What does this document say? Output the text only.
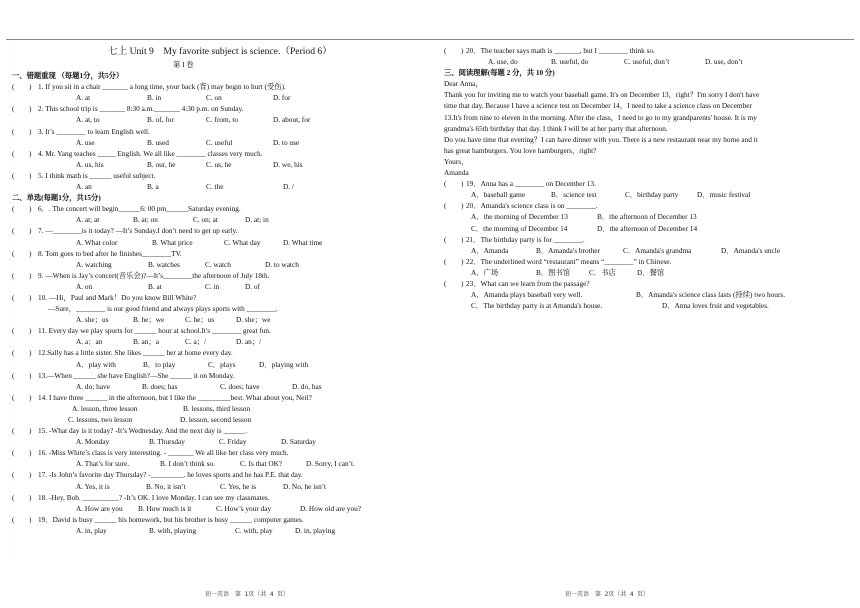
七上 Unit 9　My favorite subject is science.（Period 6）
第 I 卷
一、错题重现 （每题1分，共5分）
(　　) 1. If you sit in a chair _______ a long time, your back (背) may begin to hurt (受伤).
A. at	B. in	C. on	D. for
(　　) 2. This school trip is _______ 8:30 a.m._______ 4:30 p.m. on Sunday.
A. at, to	B. of, for	C. from, to	D. about, for
(　　) 3. It’s ________ to learn English well.
A. use	B. used	C. useful	D. to use
(　　) 4. Mr. Yang teaches _____ English. We all like ________ classes very much.
A. us, his	B. our, he	C. us, he	D. we, his
(　　) 5. I think math is ______ useful subject.
A. an	B. a	C. the	D. /
二、单选(每题1分，共15分)
(　　) 6．. The concert will begin______6: 00 pm______Saturday evening.
A. at; at	B. at; on	C. on; at	D. at; in
(　　) 7. —________is it today? —It’s Sunday.I don’t need to get up early.
A. What color	B. What price	C. What day	D. What time
(　　) 8. Tom goes to bed after he finishes________TV.
A. watching	B. watches	C. watch	D. to watch
(　　) 9. —When is Jay’s concert(音乐会)?—It’s________the afternoon of July 18th.
A. on	B. at	C. in	D. of
(　　) 10. —Hi，Paul and Mark！Do you know Bill White?
—Sure，________ is our good friend and always plays sports with ________.
A. she；us	B. he；we	C. he；us	D. she；we
(　　) 11. Every day we play sports for ______ hour at school.It's ________ great fun.
A. a；an	B. an；a	C. a；/	D. an；/
(　　) 12.Sally has a little sister. She likes ______ her at home every day.
A．play with	B．to play	C．plays	D．playing with
(　　) 13.—When ______ she have English?—She ______ it on Monday.
A. do; have	B. does; has	C. does; have	D. do, has
(　　) 14. I have three ______ in the afternoon, but I like the _________best. What about you, Neil?
A. lesson, three lesson	B. lessons, third lesson
C. lessons, two lesson	D. lesson, second lesson
(　　) 15. -What day is it today? -It’s Wednesday. And the next day is ______.
A. Monday	B. Thursday	C. Friday	D. Saturday
(　　) 16. -Miss White’s class is very interesting. - _______ We all like her class very much.
A. That’s for sure.	B. I don’t think so.	C. Is that OK?	D. Sorry, I can’t.
(　　) 17. -Is John’s favorite day Thursday? -_________. he loves sports and he has P.E. that day.
A. Yes, it is	B. No, it isn’t	C. Yes, he is	D. No, he isn’t
(　　) 18. -Hey, Bob. __________? -It’s OK. I love Monday. I can see my classmates.
A. How are you B. How much is it	C. How’s your day	D. How old are you?
(　　) 19．David is busy ______ his homework, but his brother is busy ______ computer games.
A. in, play	B. with, playing	C. with, play	D. in, playing
(　　) 20．The teacher says math is _______, but I ________ think so.
A. use, do	B. useful, do	C. useful, don’t	D. use, don’t
三、阅读理解(每题 2 分，共 10 分)
Dear Anna，
Thank you for inviting me to watch your baseball game. It's on December 13，right？I'm sorry I don't have
time that day. Because I have a science test on December 14，I need to take a science class on December
13.It's from nine to eleven in the morning. After the class，I need to go to my grandparents' house. It is my
grandma's 65th birthday that day. I think I will be at her party that afternoon.
Do you have time that evening？I can have dinner with you. There is a new restaurant near my home and it
has great hamburgers. You love hamburgers，right?
Yours，
Amanda
(　　) 19．Anna has a ________ on December 13.
A．baseball game	B．science test	C．birthday party	D．music festival
(　　) 20．Amanda's science class is on ________.
A．the morning of December 13	B．the afternoon of December 13
C．the morning of December 14	D．the afternoon of December 14
(　　) 21．The birthday party is for ________.
A．Amanda	B．Amanda's brother	C．Amanda's grandma	D．Amanda's uncle
(　　) 22．The underlined word “restaurant” means “________” in Chinese.
A．广场	B．图书馆	C．书店	D．餐馆
(　　) 23．What can we learn from the passage?
A．Amanda plays baseball very well.	B．Amanda's science class lasts (持续) two hours.
C．The birthday party is at Amanda's house.	D．Anna loves fruit and vegetables.
初一英语　第 1页（共 4 页）	初一英语　第 2页（共 4 页）
